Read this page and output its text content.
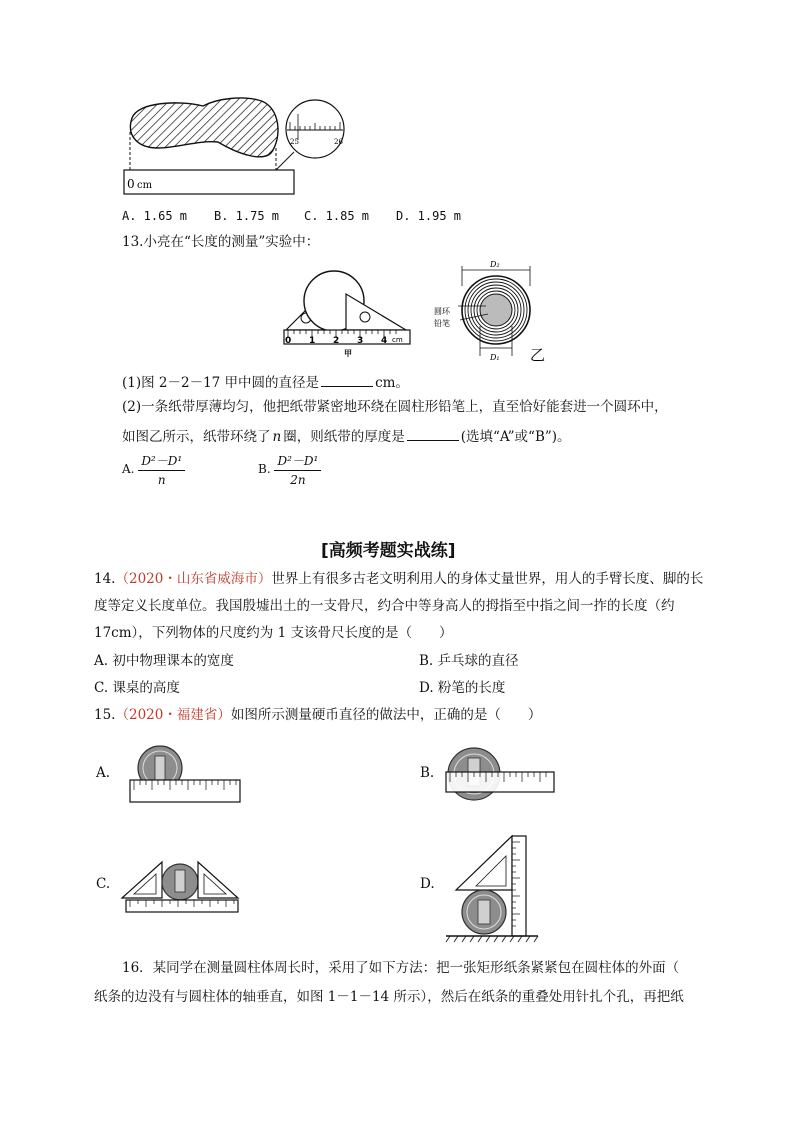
25	26
0 cm
A. 1.65 m B. 1.75 m C. 1.85 m D. 1.95 m
13.小亮在“长度的测量”实验中：
0 1 2 3 4 cm
甲
D₂
圆环
铅笔
D₁ 乙
(1)图 2－2－17 甲中圆的直径是	cm。
(2)一条纸带厚薄均匀，他把纸带紧密地环绕在圆柱形铅笔上，直至恰好能套进一个圆环中，
如图乙所示，纸带环绕了 n 圈，则纸带的厚度是	(选填“A”或“B”)。
A. $\frac{\text{D²－D¹}}{n}$	B. $\frac{\text{D²－D¹}}{2n}$
[高频考题实战练]
14.（2020・山东省威海市）世界上有很多古老文明利用人的身体丈量世界，用人的手臂长度、脚的长
度等定义长度单位。我国殷墟出土的一支骨尺，约合中等身高人的拇指至中指之间一拃的长度（约
17cm），下列物体的尺度约为 1 支该骨尺长度的是（　　）
A. 初中物理课本的宽度	B. 乒乓球的直径
C. 课桌的高度	D. 粉笔的长度
15.（2020・福建省）如图所示测量硬币直径的做法中，正确的是（　　）
A.	B.
C.	D.
16．某同学在测量圆柱体周长时，采用了如下方法：把一张矩形纸条紧紧包在圆柱体的外面（
纸条的边没有与圆柱体的轴垂直，如图 1－1－14 所示），然后在纸条的重叠处用针扎个孔，再把纸
